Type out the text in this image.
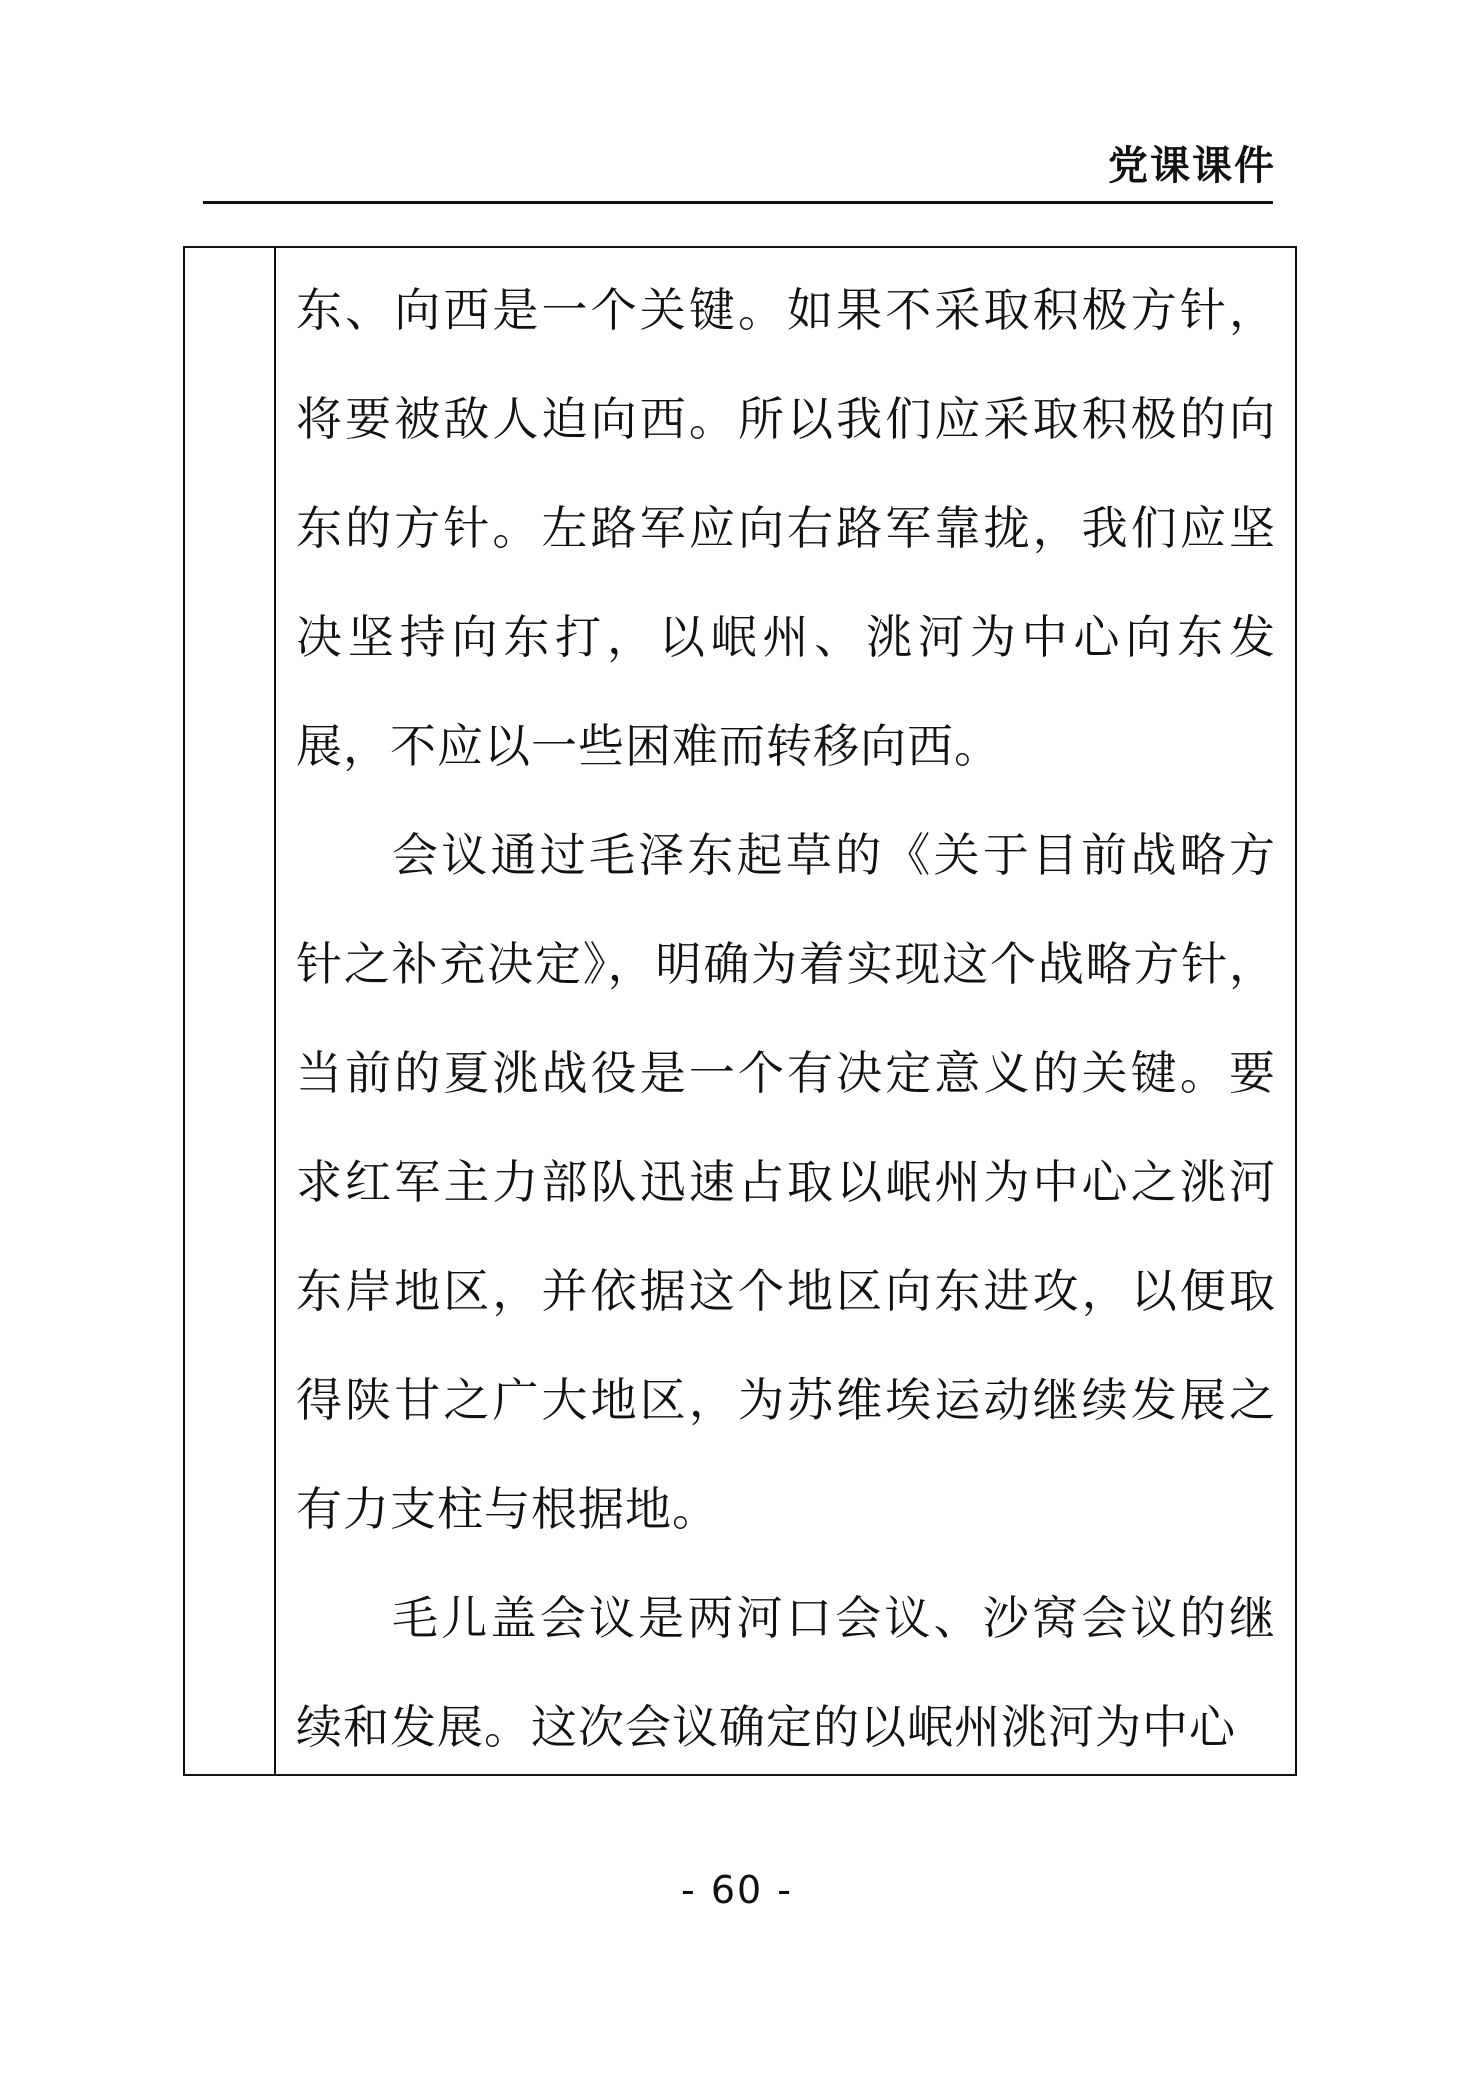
党课课件

东、向西是一个关键。如果不采取积极方针，将要被敌人迫向西。所以我们应采取积极的向东的方针。左路军应向右路军靠拢，我们应坚决坚持向东打，以岷州、洮河为中心向东发展，不应以一些困难而转移向西。

会议通过毛泽东起草的《关于目前战略方针之补充决定》，明确为着实现这个战略方针，当前的夏洮战役是一个有决定意义的关键。要求红军主力部队迅速占取以岷州为中心之洮河东岸地区，并依据这个地区向东进攻，以便取得陕甘之广大地区，为苏维埃运动继续发展之有力支柱与根据地。

毛儿盖会议是两河口会议、沙窝会议的继续和发展。这次会议确定的以岷州洮河为中心

- 60 -
